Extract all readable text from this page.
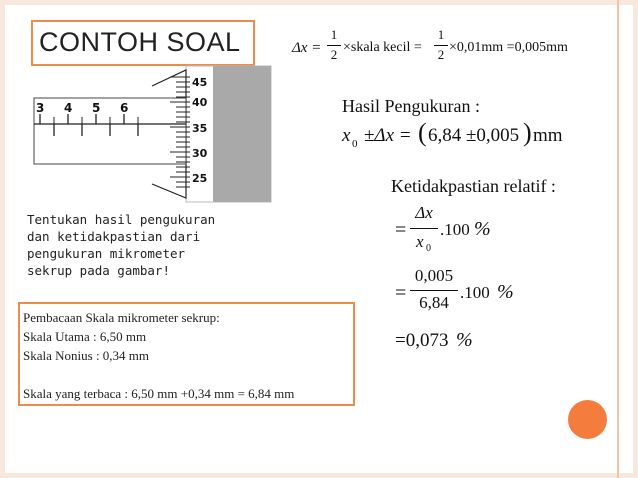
CONTOH SOAL	Δx =
1
2 ×skala kecil =
1
2 ×0,01mm =0,005mm
3 4 5 6
45
40
35
30
25
Hasil Pengukuran :
x 0 ±Δx = ( 6,84 ±0,005 ) mm
Ketidakpastian relatif :
=
Δx
x 0
.100 %
=
0,005
6,84
.100 %
=0,073 %
Tentukan hasil pengukuran
dan ketidakpastian dari
pengukuran mikrometer
sekrup pada gambar!
Pembacaan Skala mikrometer sekrup:
Skala Utama : 6,50 mm
Skala Nonius : 0,34 mm
Skala yang terbaca : 6,50 mm +0,34 mm = 6,84 mm
